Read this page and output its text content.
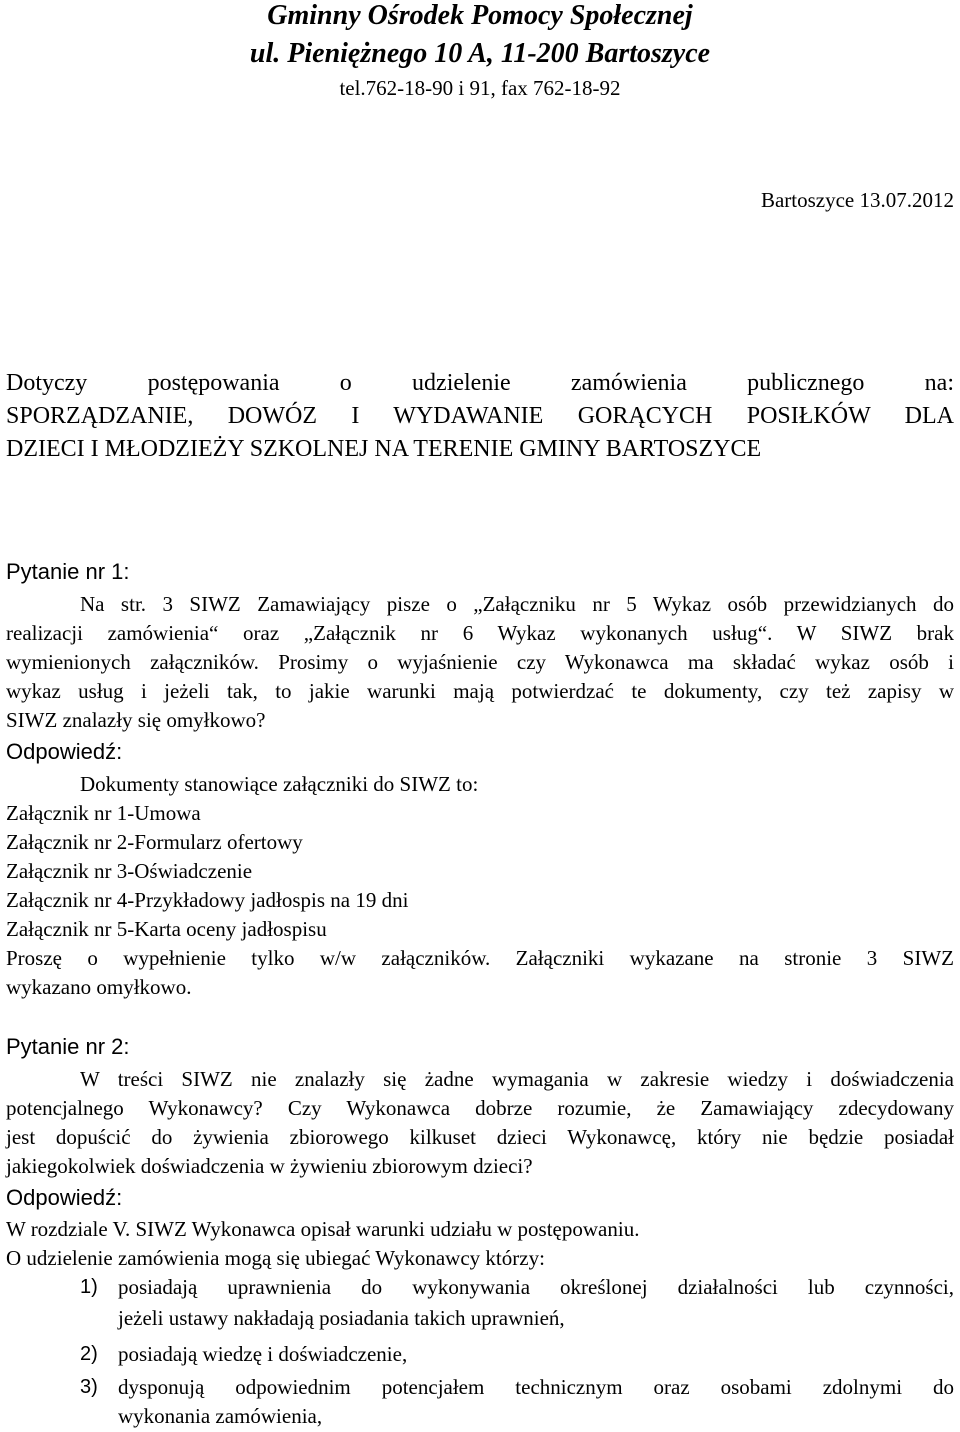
Gminny Ośrodek Pomocy Społecznej
ul. Pieniężnego 10 A, 11-200 Bartoszyce
tel.762-18-90 i 91, fax 762-18-92
Bartoszyce 13.07.2012
Dotyczy postępowania o udzielenie zamówienia publicznego na:
SPORZĄDZANIE, DOWÓZ I WYDAWANIE GORĄCYCH POSIŁKÓW DLA
DZIECI I MŁODZIEŻY SZKOLNEJ NA TERENIE GMINY BARTOSZYCE
Pytanie nr 1:
Na str. 3 SIWZ Zamawiający pisze o „Załączniku nr 5 Wykaz osób przewidzianych do
realizacji zamówienia“ oraz „Załącznik nr 6 Wykaz wykonanych usług“. W SIWZ brak
wymienionych załączników. Prosimy o wyjaśnienie czy Wykonawca ma składać wykaz osób i
wykaz usług i jeżeli tak, to jakie warunki mają potwierdzać te dokumenty, czy też zapisy w
SIWZ znalazły się omyłkowo?
Odpowiedź:
Dokumenty stanowiące załączniki do SIWZ to:
Załącznik nr 1-Umowa
Załącznik nr 2-Formularz ofertowy
Załącznik nr 3-Oświadczenie
Załącznik nr 4-Przykładowy jadłospis na 19 dni
Załącznik nr 5-Karta oceny jadłospisu
Proszę o wypełnienie tylko w/w załączników. Załączniki wykazane na stronie 3 SIWZ
wykazano omyłkowo.
Pytanie nr 2:
W treści SIWZ nie znalazły się żadne wymagania w zakresie wiedzy i doświadczenia
potencjalnego Wykonawcy? Czy Wykonawca dobrze rozumie, że Zamawiający zdecydowany
jest dopuścić do żywienia zbiorowego kilkuset dzieci Wykonawcę, który nie będzie posiadał
jakiegokolwiek doświadczenia w żywieniu zbiorowym dzieci?
Odpowiedź:
W rozdziale V. SIWZ Wykonawca opisał warunki udziału w postępowaniu.
O udzielenie zamówienia mogą się ubiegać Wykonawcy którzy:
1) posiadają uprawnienia do wykonywania określonej działalności lub czynności,
jeżeli ustawy nakładają posiadania takich uprawnień,
2) posiadają wiedzę i doświadczenie,
3) dysponują odpowiednim potencjałem technicznym oraz osobami zdolnymi do
wykonania zamówienia,
